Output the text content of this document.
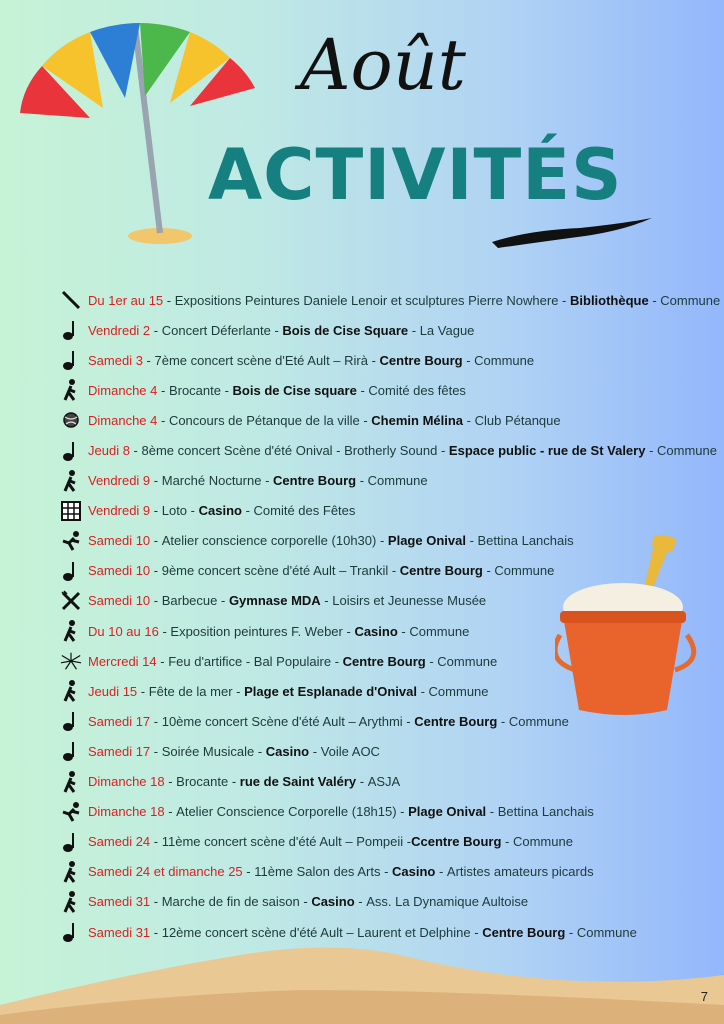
Août
ACTIVITÉS
Du 1er au 15 - Expositions Peintures Daniele Lenoir et sculptures Pierre Nowhere - Bibliothèque - Commune
Vendredi 2 - Concert Déferlante - Bois de Cise Square - La Vague
Samedi 3 - 7ème concert scène d'Eté Ault – Rirà - Centre Bourg - Commune
Dimanche 4 - Brocante - Bois de Cise square - Comité des fêtes
Dimanche 4 - Concours de Pétanque de la ville - Chemin Mélina - Club Pétanque
Jeudi 8 - 8ème concert Scène d'été Onival - Brotherly Sound - Espace public - rue de St Valery - Commune
Vendredi 9 - Marché Nocturne - Centre Bourg - Commune
Vendredi 9 - Loto - Casino - Comité des Fêtes
Samedi 10 - Atelier conscience corporelle (10h30) - Plage Onival - Bettina Lanchais
Samedi 10 - 9ème concert scène d'été Ault – Trankil - Centre Bourg - Commune
Samedi 10 - Barbecue - Gymnase MDA - Loisirs et Jeunesse Musée
Du 10 au 16 - Exposition peintures F. Weber - Casino - Commune
Mercredi 14 - Feu d'artifice - Bal Populaire - Centre Bourg - Commune
Jeudi 15 - Fête de la mer - Plage et Esplanade d'Onival - Commune
Samedi 17 - 10ème concert Scène d'été Ault – Arythmi - Centre Bourg - Commune
Samedi 17 - Soirée Musicale - Casino - Voile AOC
Dimanche 18 - Brocante - rue de Saint Valéry - ASJA
Dimanche 18 - Atelier Conscience Corporelle (18h15) - Plage Onival - Bettina Lanchais
Samedi 24 - 11ème concert scène d'été Ault – Pompeii - Ccentre Bourg - Commune
Samedi 24 et dimanche 25 - 11ème Salon des Arts - Casino - Artistes amateurs picards
Samedi 31 - Marche de fin de saison - Casino - Ass. La Dynamique Aultoise
Samedi 31 - 12ème concert scène d'été Ault – Laurent et Delphine - Centre Bourg - Commune
7
